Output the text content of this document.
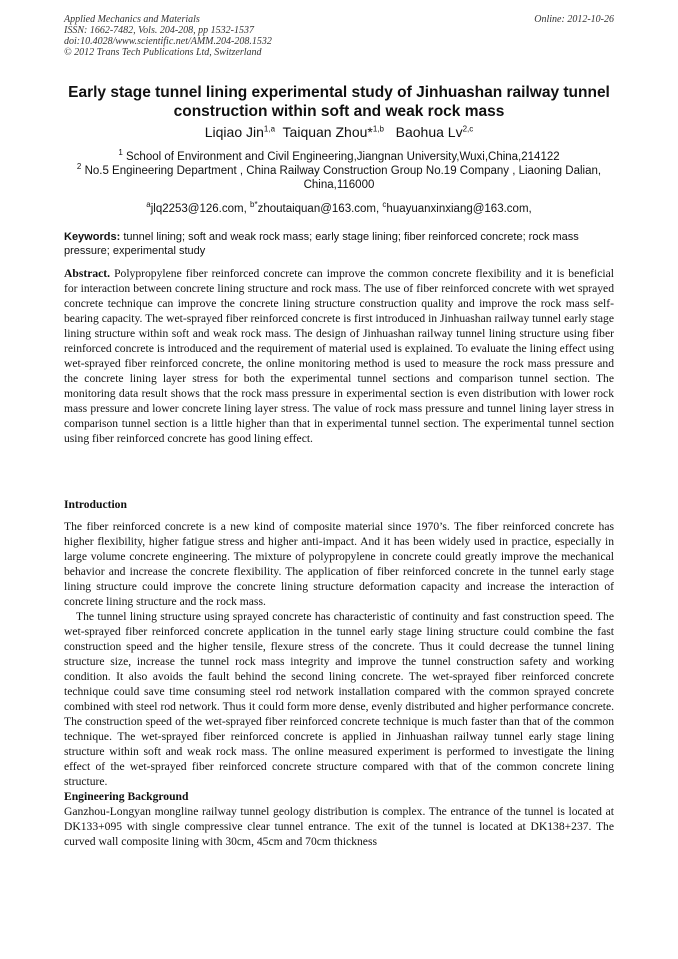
Applied Mechanics and Materials
ISSN: 1662-7482, Vols. 204-208, pp 1532-1537
doi:10.4028/www.scientific.net/AMM.204-208.1532
© 2012 Trans Tech Publications Ltd, Switzerland
Online: 2012-10-26
Early stage tunnel lining experimental study of Jinhuashan railway tunnel construction within soft and weak rock mass
Liqiao Jin$^{1,a}$ Taiquan Zhou*$^{1,b}$ Baohua Lv$^{2,c}$
$^1$ School of Environment and Civil Engineering,Jiangnan University,Wuxi,China,214122
$^2$ No.5 Engineering Department , China Railway Construction Group No.19 Company , Liaoning Dalian, China,116000
$^a$jlq2253@126.com, $^{b*}$zhoutaiquan@163.com, $^c$huayuanxinxiang@163.com,
Keywords: tunnel lining; soft and weak rock mass; early stage lining; fiber reinforced concrete; rock mass pressure; experimental study

Abstract. Polypropylene fiber reinforced concrete can improve the common concrete flexibility and it is beneficial for interaction between concrete lining structure and rock mass. The use of fiber reinforced concrete with wet sprayed concrete technique can improve the concrete lining structure construction quality and improve the rock mass self-bearing capacity. The wet-sprayed fiber reinforced concrete is first introduced in Jinhuashan railway tunnel early stage lining structure within soft and weak rock mass. The design of Jinhuashan railway tunnel lining structure using fiber reinforced concrete is introduced and the requirement of material used is explained. To evaluate the lining effect using wet-sprayed fiber reinforced concrete, the online monitoring method is used to measure the rock mass pressure and the concrete lining layer stress for both the experimental tunnel sections and comparison tunnel section. The monitoring data result shows that the rock mass pressure in experimental section is even distribution with lower rock mass pressure and lower concrete lining layer stress. The value of rock mass pressure and tunnel lining layer stress in comparison tunnel section is a little higher than that in experimental tunnel section. The experimental tunnel section using fiber reinforced concrete has good lining effect.

Introduction

The fiber reinforced concrete is a new kind of composite material since 1970’s. The fiber reinforced concrete has higher flexibility, higher fatigue stress and higher anti-impact. And it has been widely used in practice, especially in large volume concrete engineering. The mixture of polypropylene in concrete could greatly improve the mechanical behavior and increase the concrete flexibility. The application of fiber reinforced concrete in the tunnel early stage lining structure could improve the concrete lining structure deformation capacity and increase the interaction of concrete lining structure and the rock mass.

The tunnel lining structure using sprayed concrete has characteristic of continuity and fast construction speed. The wet-sprayed fiber reinforced concrete application in the tunnel early stage lining structure could combine the fast construction speed and the higher tensile, flexure stress of the concrete. Thus it could decrease the tunnel lining structure size, increase the tunnel rock mass integrity and improve the tunnel construction safety and working condition. It also avoids the fault behind the second lining concrete. The wet-sprayed fiber reinforced concrete technique could save time consuming steel rod network installation compared with the common sprayed concrete combined with steel rod network. Thus it could form more dense, evenly distributed and higher performance concrete. The construction speed of the wet-sprayed fiber reinforced concrete technique is much faster than that of the common technique. The wet-sprayed fiber reinforced concrete is applied in Jinhuashan railway tunnel early stage lining structure within soft and weak rock mass. The online measured experiment is performed to investigate the lining effect of the wet-sprayed fiber reinforced concrete structure compared with that of the common concrete lining structure.

Engineering Background

Ganzhou-Longyan mongline railway tunnel geology distribution is complex. The entrance of the tunnel is located at DK133+095 with single compressive clear tunnel entrance. The exit of the tunnel is located at DK138+237. The curved wall composite lining with 30cm, 45cm and 70cm thickness
